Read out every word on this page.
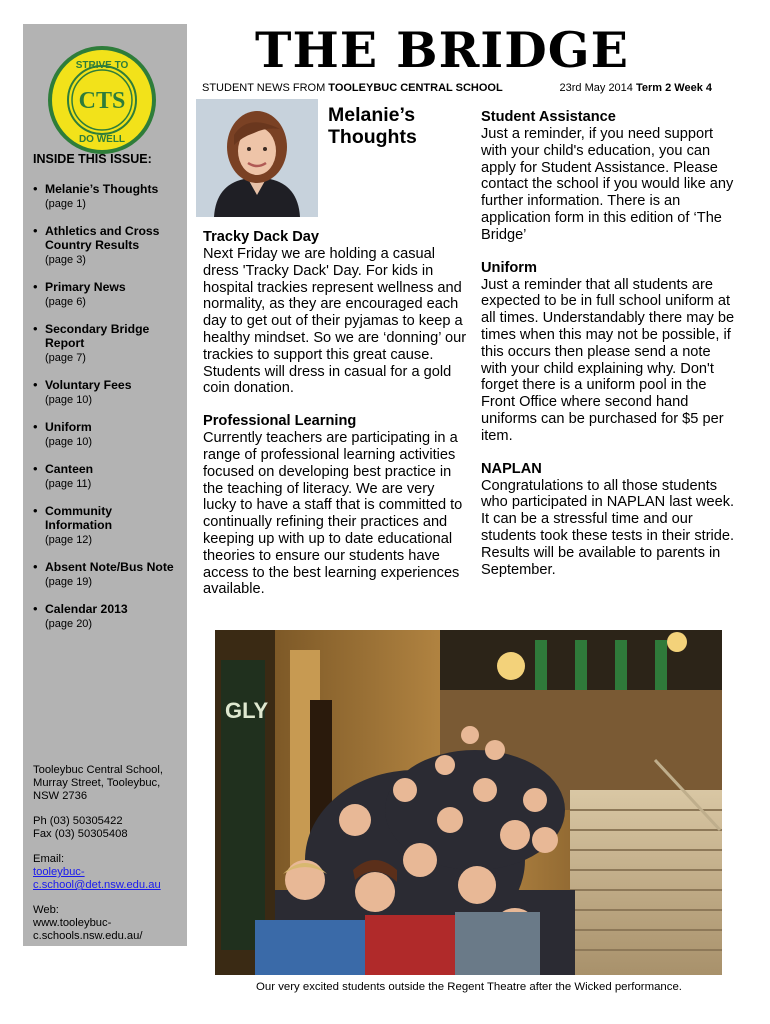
STRIVE TO
CTS
DO WELL
INSIDE THIS ISSUE:
• Melanie’s Thoughts
(page 1)
• Athletics and Cross Country Results
(page 3)
• Primary News
(page 6)
• Secondary Bridge Report
(page 7)
• Voluntary Fees
(page 10)
• Uniform
(page 10)
• Canteen
(page 11)
• Community Information
(page 12)
• Absent Note/Bus Note
(page 19)
• Calendar 2013
(page 20)

Tooleybuc Central School, Murray Street, Tooleybuc, NSW 2736

Ph (03) 50305422
Fax (03) 50305408

Email:
tooleybuc-c.school@det.nsw.edu.au

Web:
www.tooleybuc-c.schools.nsw.edu.au/

THE BRIDGE
STUDENT NEWS FROM TOOLEYBUC CENTRAL SCHOOL	23rd May 2014 Term 2 Week 4
Melanie’s
Thoughts
Tracky Dack Day

Next Friday we are holding a casual dress 'Tracky Dack' Day. For kids in hospital trackies represent wellness and normality, as they are encouraged each day to get out of their pyjamas to keep a healthy mindset. So we are ‘donning’ our trackies to support this great cause. Students will dress in casual for a gold coin donation.

Professional Learning

Currently teachers are participating in a range of professional learning activities focused on developing best practice in the teaching of literacy. We are very lucky to have a staff that is committed to continually refining their practices and keeping up with up to date educational theories to ensure our students have access to the best learning experiences available.

Student Assistance

Just a reminder, if you need support with your child's education, you can apply for Student Assistance. Please contact the school if you would like any further information. There is an application form in this edition of ‘The Bridge’

Uniform

Just a reminder that all students are expected to be in full school uniform at all times. Understandably there may be times when this may not be possible, if this occurs then please send a note with your child explaining why. Don't forget there is a uniform pool in the Front Office where second hand uniforms can be purchased for $5 per item.

NAPLAN

Congratulations to all those students who participated in NAPLAN last week. It can be a stressful time and our students took these tests in their stride. Results will be available to parents in September.

GLY
Our very excited students outside the Regent Theatre after the Wicked performance.
